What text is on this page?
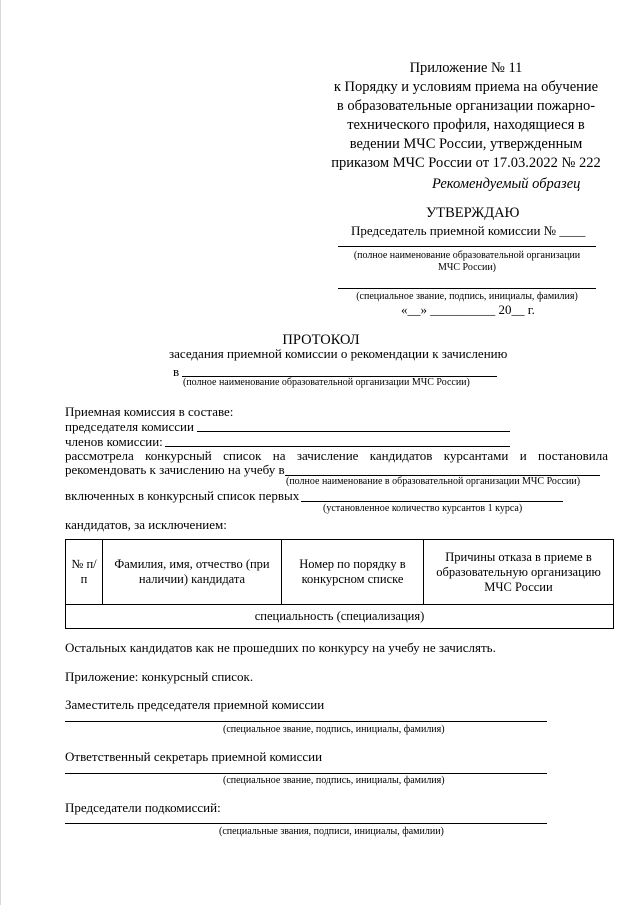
Приложение № 11
к Порядку и условиям приема на обучение
в образовательные организации пожарно-
технического профиля, находящиеся в
ведении МЧС России, утвержденным
приказом МЧС России от 17.03.2022 № 222
Рекомендуемый образец
УТВЕРЖДАЮ
Председатель приемной комиссии № ____
(полное наименование образовательной организации
МЧС России)
(специальное звание, подпись, инициалы, фамилия)
«__» __________ 20__ г.
ПРОТОКОЛ
заседания приемной комиссии о рекомендации к зачислению
в
(полное наименование образовательной организации МЧС России)
Приемная комиссия в составе:
председателя комиссии
членов комиссии:
рассмотрела конкурсный список на зачисление кандидатов курсантами и постановила
рекомендовать к зачислению на учебу в
(полное наименование в образовательной организации МЧС России)
включенных в конкурсный список первых
(установленное количество курсантов 1 курса)
кандидатов, за исключением:
№ п/п	Фамилия, имя, отчество (при наличии) кандидата	Номер по порядку в конкурсном списке	Причины отказа в приеме в образовательную организацию МЧС России
специальность (специализация)
Остальных кандидатов как не прошедших по конкурсу на учебу не зачислять.
Приложение: конкурсный список.
Заместитель председателя приемной комиссии
(специальное звание, подпись, инициалы, фамилия)
Ответственный секретарь приемной комиссии
(специальное звание, подпись, инициалы, фамилия)
Председатели подкомиссий:
(специальные звания, подписи, инициалы, фамилии)
